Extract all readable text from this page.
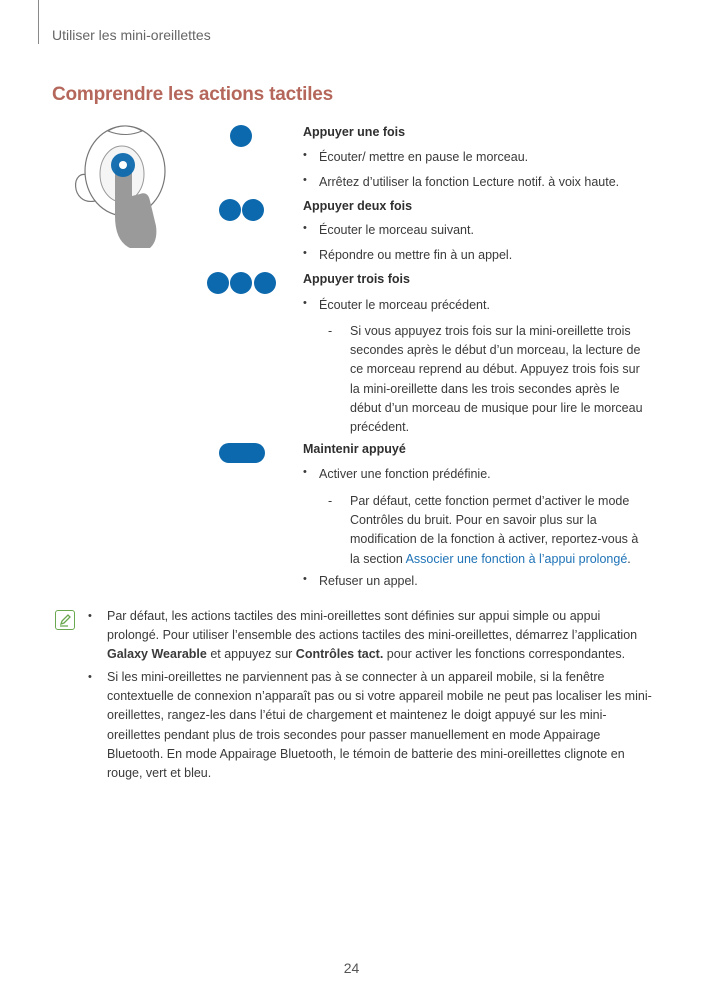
Utiliser les mini-oreillettes
Comprendre les actions tactiles
Appuyer une fois
• Écouter/ mettre en pause le morceau.
• Arrêtez d’utiliser la fonction Lecture notif. à voix haute.
Appuyer deux fois
• Écouter le morceau suivant.
• Répondre ou mettre fin à un appel.
Appuyer trois fois
• Écouter le morceau précédent.
- Si vous appuyez trois fois sur la mini-oreillette trois secondes après le début d’un morceau, la lecture de ce morceau reprend au début. Appuyez trois fois sur la mini-oreillette dans les trois secondes après le début d’un morceau de musique pour lire le morceau précédent.
Maintenir appuyé
• Activer une fonction prédéfinie.
- Par défaut, cette fonction permet d’activer le mode Contrôles du bruit. Pour en savoir plus sur la modification de la fonction à activer, reportez-vous à la section Associer une fonction à l’appui prolongé.
• Refuser un appel.
• Par défaut, les actions tactiles des mini-oreillettes sont définies sur appui simple ou appui prolongé. Pour utiliser l’ensemble des actions tactiles des mini-oreillettes, démarrez l’application Galaxy Wearable et appuyez sur Contrôles tact. pour activer les fonctions correspondantes.
• Si les mini-oreillettes ne parviennent pas à se connecter à un appareil mobile, si la fenêtre contextuelle de connexion n’apparaît pas ou si votre appareil mobile ne peut pas localiser les mini-oreillettes, rangez-les dans l’étui de chargement et maintenez le doigt appuyé sur les mini-oreillettes pendant plus de trois secondes pour passer manuellement en mode Appairage Bluetooth. En mode Appairage Bluetooth, le témoin de batterie des mini-oreillettes clignote en rouge, vert et bleu.
24
